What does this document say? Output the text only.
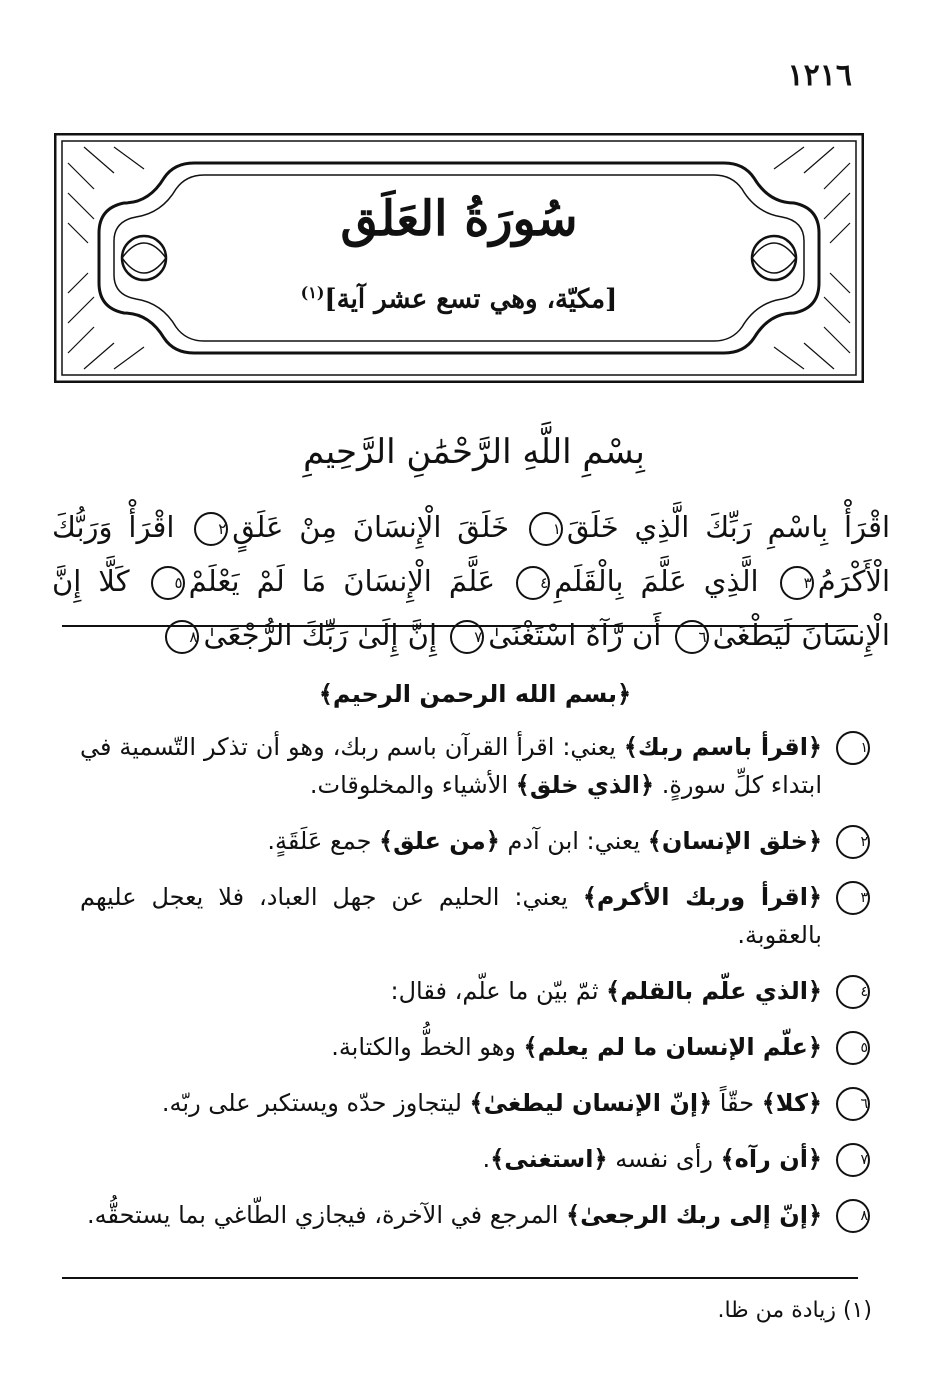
١٢١٦
سُورَةُ العَلَق
[مكيّة، وهي تسع عشر آية]$^{(١)}$
بِسْمِ اللَّهِ الرَّحْمَٰنِ الرَّحِيمِ
اقْرَأْ بِاسْمِ رَبِّكَ الَّذِي خَلَقَ١ خَلَقَ الْإِنسَانَ مِنْ عَلَقٍ٢ اقْرَأْ وَرَبُّكَ الْأَكْرَمُ٣ الَّذِي عَلَّمَ بِالْقَلَمِ٤ عَلَّمَ الْإِنسَانَ مَا لَمْ يَعْلَمْ٥ كَلَّا إِنَّ الْإِنسَانَ لَيَطْغَىٰ٦ أَن رَّآهُ اسْتَغْنَىٰ٧ إِنَّ إِلَىٰ رَبِّكَ الرُّجْعَىٰ٨
﴿بسم الله الرحمن الرحيم﴾
١
﴿اقرأ باسم ربك﴾ يعني: اقرأ القرآن باسم ربك، وهو أن تذكر التّسمية في ابتداء كلِّ سورةٍ. ﴿الذي خلق﴾ الأشياء والمخلوقات.
٢
﴿خلق الإنسان﴾ يعني: ابن آدم ﴿من علق﴾ جمع عَلَقَةٍ.
٣
﴿اقرأ وربك الأكرم﴾ يعني: الحليم عن جهل العباد، فلا يعجل عليهم بالعقوبة.
٤
﴿الذي علّم بالقلم﴾ ثمّ بيّن ما علّم، فقال:
٥
﴿علّم الإنسان ما لم يعلم﴾ وهو الخطُّ والكتابة.
٦
﴿كلا﴾ حقّاً ﴿إنّ الإنسان ليطغىٰ﴾ ليتجاوز حدّه ويستكبر على ربّه.
٧
﴿أن رآه﴾ رأى نفسه ﴿استغنى﴾.
٨
﴿إنّ إلى ربك الرجعىٰ﴾ المرجع في الآخرة، فيجازي الطّاغي بما يستحقُّه.
(١) زيادة من ظا.
